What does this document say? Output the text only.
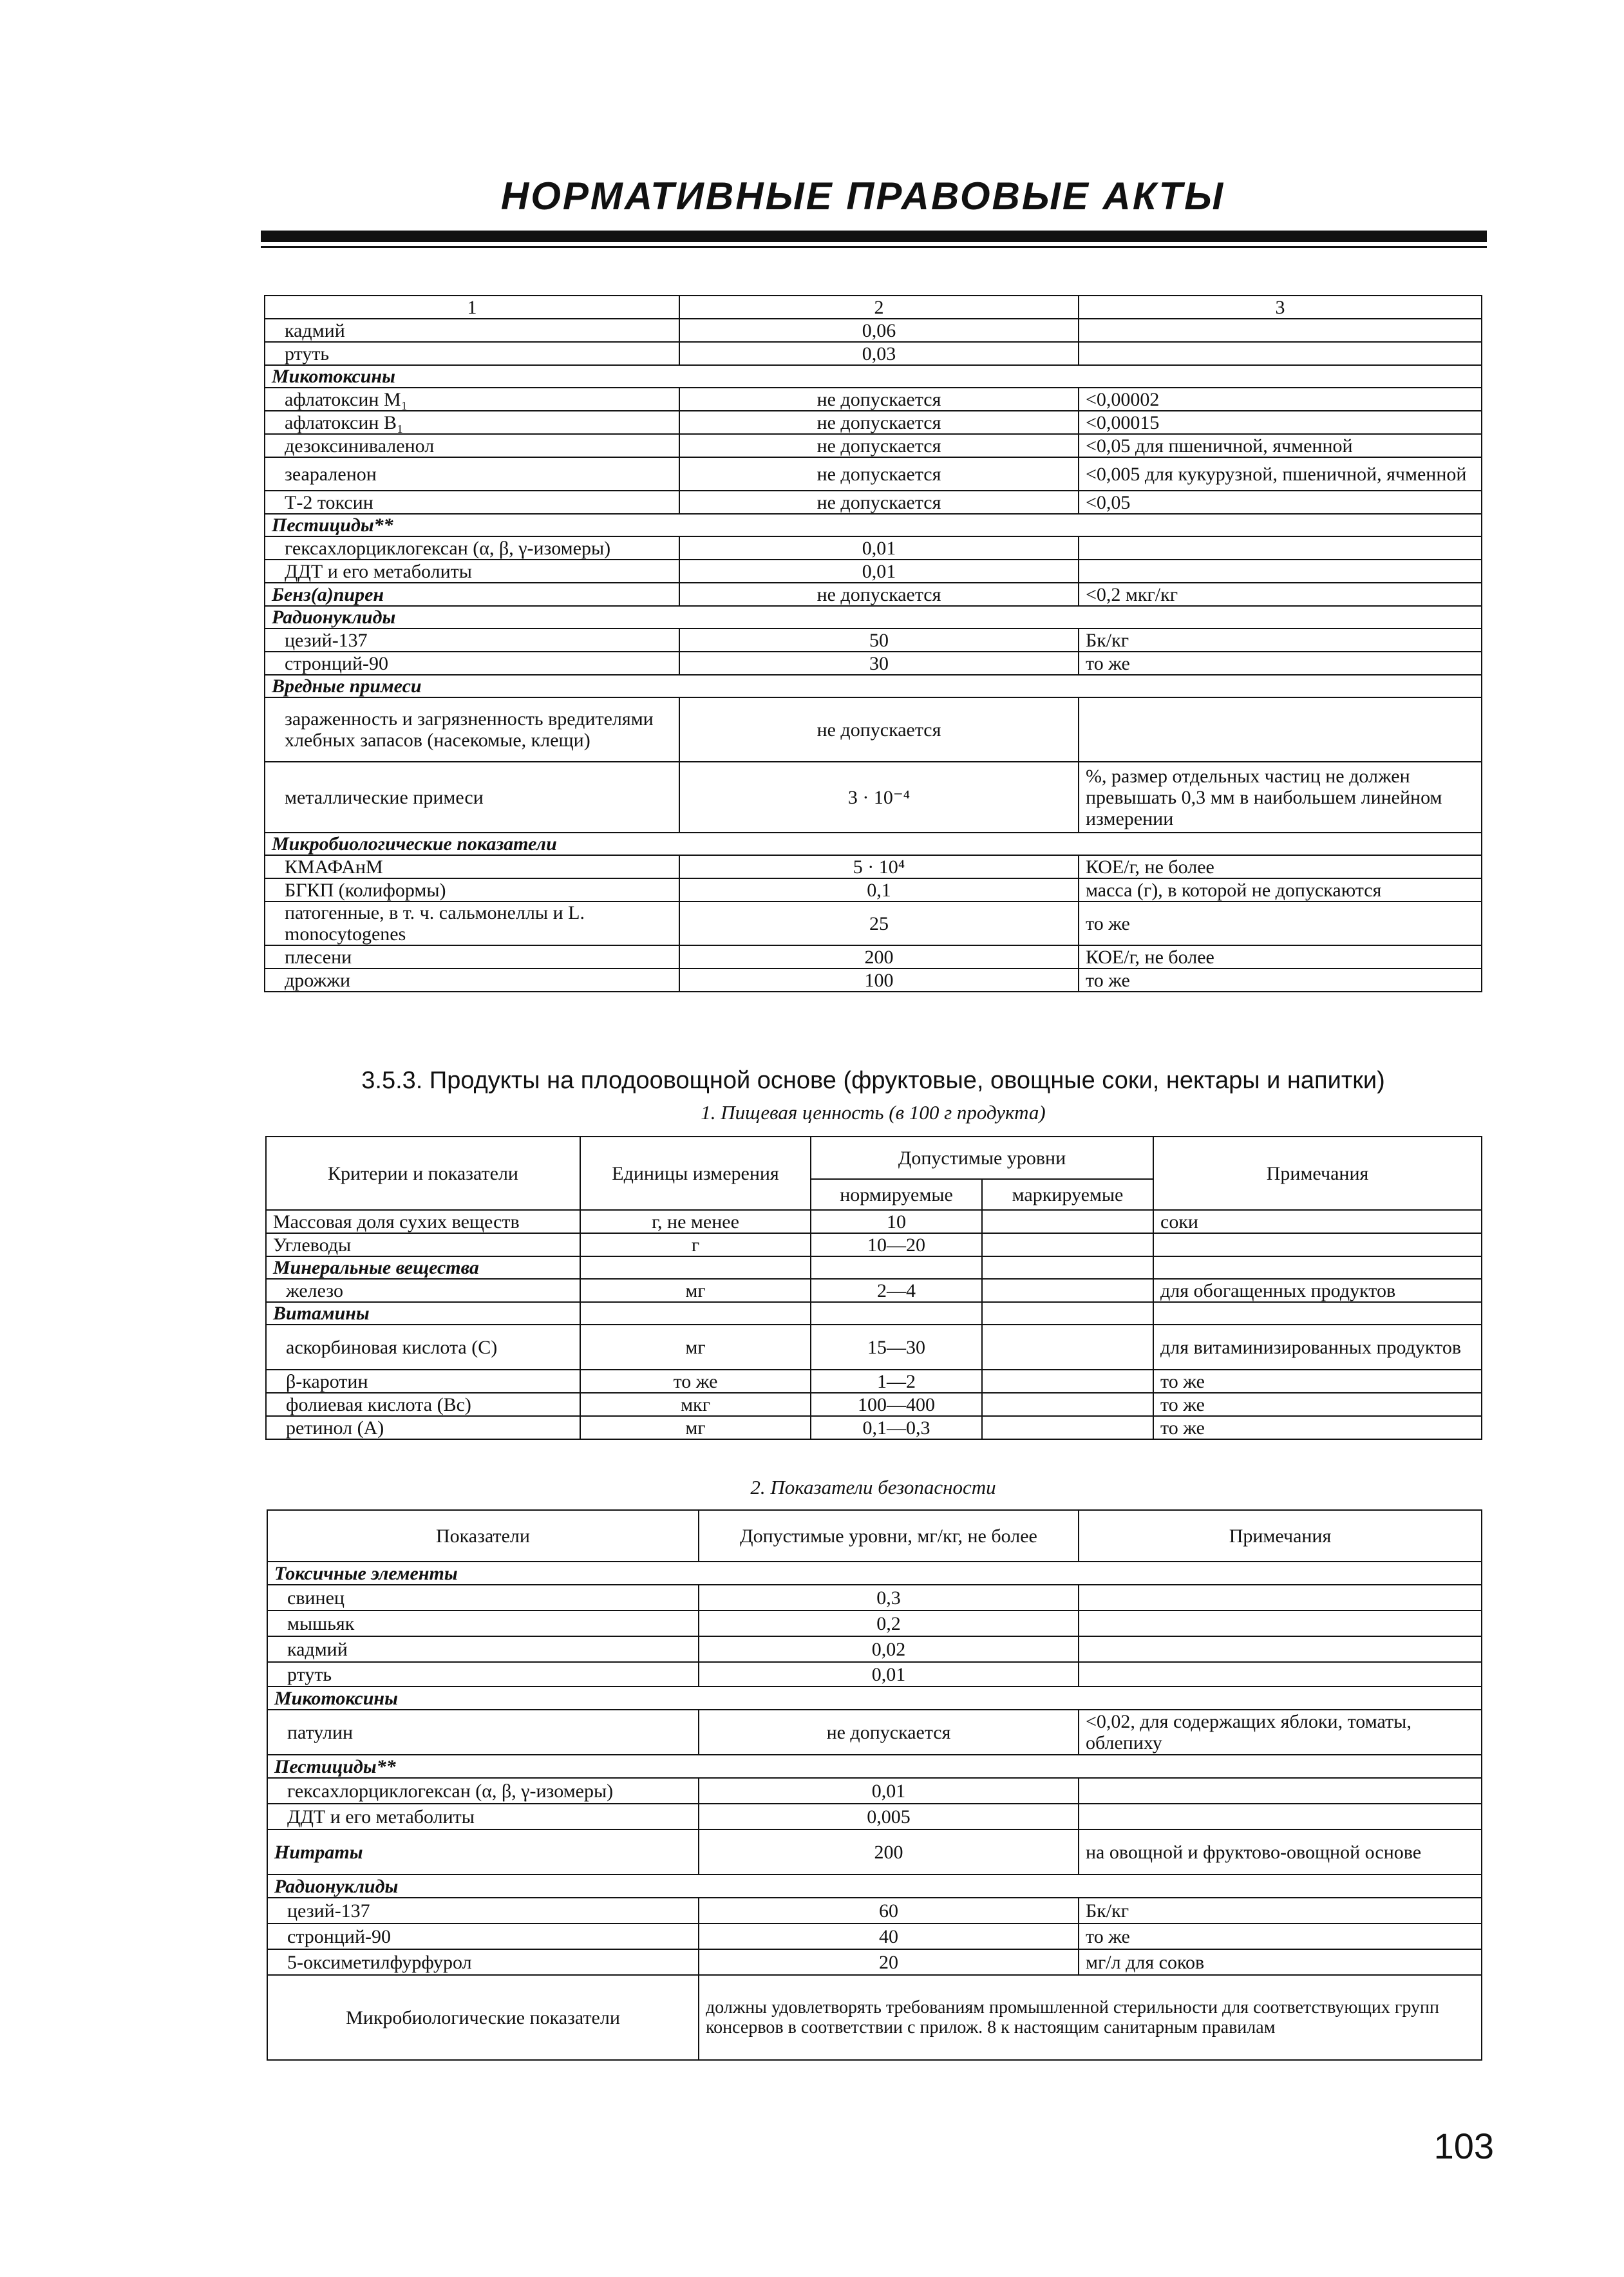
НОРМАТИВНЫЕ ПРАВОВЫЕ АКТЫ
1	2	3
кадмий	0,06	
ртуть	0,03	
Микотоксины		
афлатоксин M₁	не допускается	<0,00002
афлатоксин B₁	не допускается	<0,00015
дезоксиниваленол	не допускается	<0,05 для пшеничной, ячменной
зеараленон	не допускается	<0,005 для кукурузной, пшеничной, ячменной
Т-2 токсин	не допускается	<0,05
Пестициды**		
гексахлорциклогексан (α, β, γ-изомеры)	0,01	
ДДТ и его метаболиты	0,01	
Бенз(а)пирен	не допускается	<0,2 мкг/кг
Радионуклиды		
цезий-137	50	Бк/кг
стронций-90	30	то же
Вредные примеси		
зараженность и загрязненность вредителями хлебных запасов (насекомые, клещи)	не допускается	
металлические примеси	3 · 10⁻⁴	%, размер отдельных частиц не должен превышать 0,3 мм в наибольшем линейном измерении
Микробиологические показатели		
КМАФАнМ	5 · 10⁴	КОЕ/г, не более
БГКП (колиформы)	0,1	масса (г), в которой не допускаются
патогенные, в т. ч. сальмонеллы и L. monocytogenes	25	то же
плесени	200	КОЕ/г, не более
дрожжи	100	то же
3.5.3. Продукты на плодоовощной основе (фруктовые, овощные соки, нектары и напитки)
1. Пищевая ценность (в 100 г продукта)
Критерии и показатели	Единицы измерения	Допустимые уровни		Примечания
		нормируемые	маркируемые	
Массовая доля сухих веществ	г, не менее	10		соки
Углеводы	г	10—20		
Минеральные вещества				
железо	мг	2—4		для обогащенных продуктов
Витамины				
аскорбиновая кислота (С)	мг	15—30		для витаминизированных продуктов
β-каротин	то же	1—2		то же
фолиевая кислота (Bc)	мкг	100—400		то же
ретинол (А)	мг	0,1—0,3		то же
2. Показатели безопасности
Показатели	Допустимые уровни, мг/кг, не более	Примечания
Токсичные элементы		
свинец	0,3	
мышьяк	0,2	
кадмий	0,02	
ртуть	0,01	
Микотоксины		
патулин	не допускается	<0,02, для содержащих яблоки, томаты, облепиху
Пестициды**		
гексахлорциклогексан (α, β, γ-изомеры)	0,01	
ДДТ и его метаболиты	0,005	
Нитраты	200	на овощной и фруктово-овощной основе
Радионуклиды		
цезий-137	60	Бк/кг
стронций-90	40	то же
5-оксиметилфурфурол	20	мг/л для соков
Микробиологические показатели	должны удовлетворять требованиям промышленной стерильности для соответствующих групп консервов в соответствии с прилож. 8 к настоящим санитарным правилам	
103
